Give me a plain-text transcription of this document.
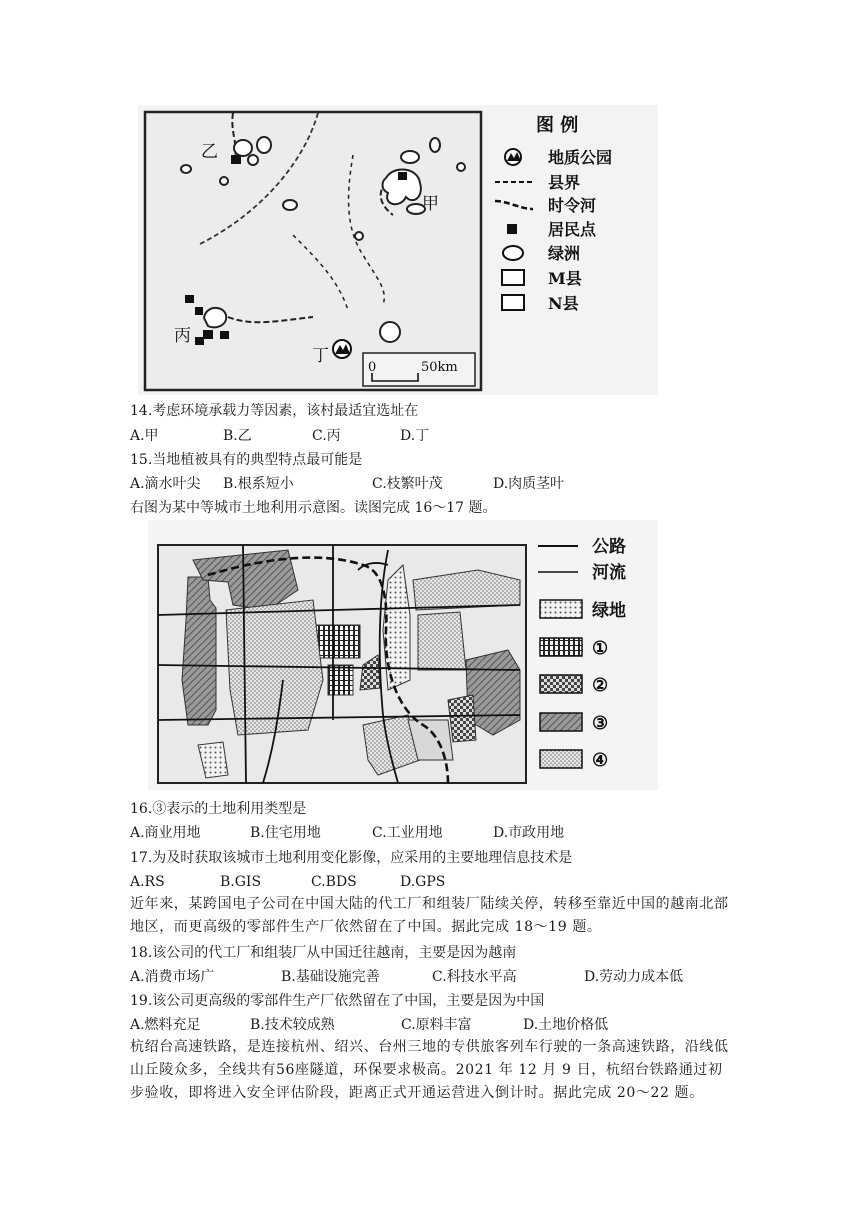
乙
甲
丙
丁
0	50km
图 例
地质公园
县界
时令河
居民点
绿洲
M县
N县
14.考虑环境承载力等因素，该村最适宜选址在
A.甲	B.乙	C.丙	D.丁
15.当地植被具有的典型特点最可能是
A.滴水叶尖 B.根系短小	C.枝繁叶茂	D.肉质茎叶
右图为某中等城市土地利用示意图。读图完成 16～17 题。
公路
河流
绿地
①
②
③
④
16.③表示的土地利用类型是
A.商业用地	B.住宅用地	C.工业用地	D.市政用地
17.为及时获取该城市土地利用变化影像，应采用的主要地理信息技术是
A.RS	B.GIS	C.BDS	D.GPS
近年来，某跨国电子公司在中国大陆的代工厂和组装厂陆续关停，转移至靠近中国的越南北部地区，而更高级的零部件生产厂依然留在了中国。据此完成 18～19 题。
18.该公司的代工厂和组装厂从中国迁往越南，主要是因为越南
A.消费市场广	B.基础设施完善	C.科技水平高	D.劳动力成本低
19.该公司更高级的零部件生产厂依然留在了中国，主要是因为中国
A.燃料充足	B.技术较成熟	C.原料丰富	D.土地价格低
杭绍台高速铁路，是连接杭州、绍兴、台州三地的专供旅客列车行驶的一条高速铁路，沿线低山丘陵众多，全线共有56座隧道，环保要求极高。2021 年 12 月 9 日，杭绍台铁路通过初步验收，即将进入安全评估阶段，距离正式开通运营进入倒计时。据此完成 20～22 题。
